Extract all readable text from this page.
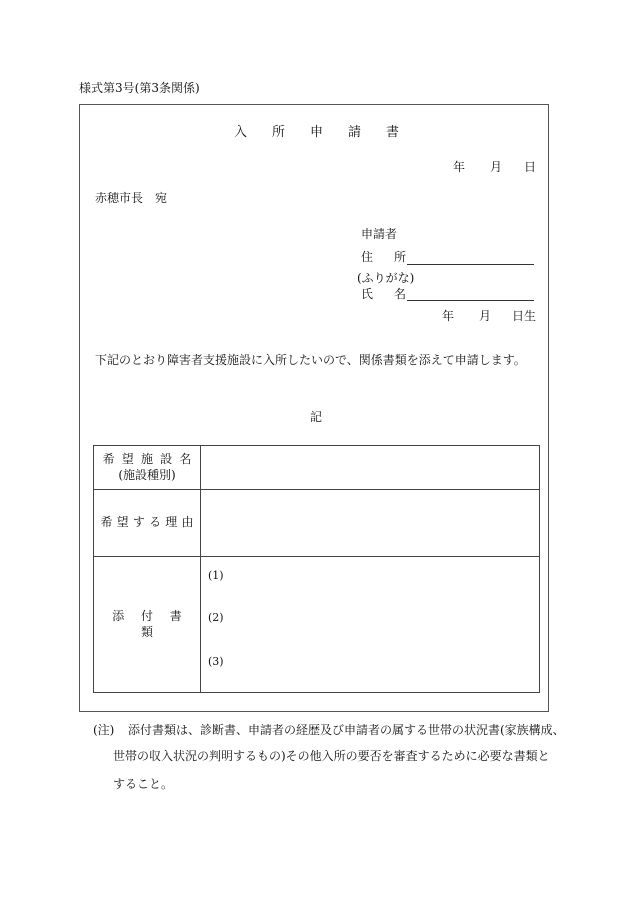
様式第3号(第3条関係)
入 所 申 請 書
年 月 日
赤穂市長　宛
申請者
住 所
(ふりがな)
氏 名
年 月 日生
下記のとおり障害者支援施設に入所したいので、関係書類を添えて申請します。
記
希望施設名
(施設種別)
希望する理由
添付書類
(1)
(2)
(3)
(注) 添付書類は、診断書、申請者の経歴及び申請者の属する世帯の状況書(家族構成、
世帯の収入状況の判明するもの)その他入所の要否を審査するために必要な書類と
すること。
